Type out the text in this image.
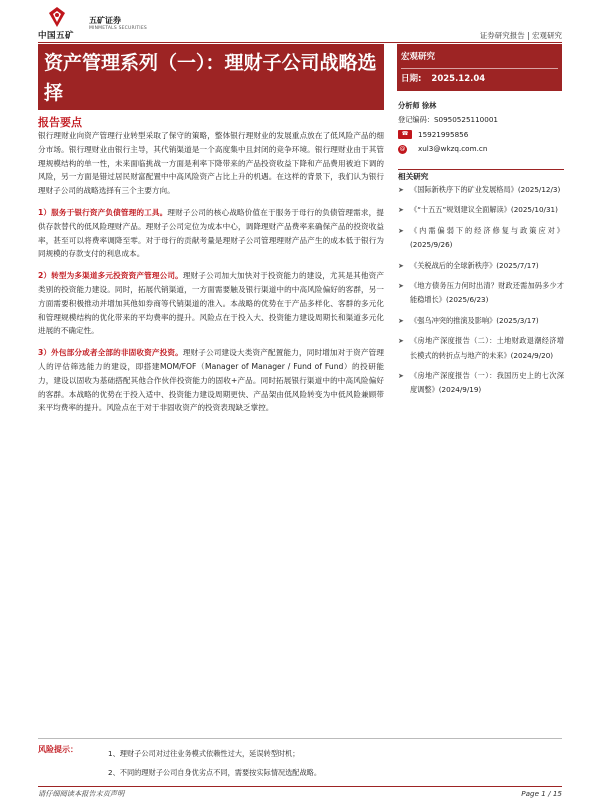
中国五矿
五矿证券
MINMETALS SECURITIES
证券研究报告 | 宏观研究
资产管理系列（一）：理财子公司战略选择
宏观研究
日期: 2025.12.04
报告要点

银行理财业向资产管理行业转型采取了保守的策略，整体银行理财业的发展重点放在了低风险产品的细分市场。银行理财业由银行主导，其代销渠道是一个高度集中且封闭的竞争环境。银行理财业由于其管理规模结构的单一性，未来面临挑战一方面是利率下降带来的产品投资收益下降和产品费用被迫下调的风险，另一方面是错过居民财富配置中中高风险资产占比上升的机遇。在这样的背景下，我们认为银行理财子公司的战略选择有三个主要方向。

1）服务于银行资产负债管理的工具。理财子公司的核心战略价值在于服务于母行的负债管理需求，提供存款替代的低风险理财产品。理财子公司定位为成本中心，调降理财产品费率来确保产品的投资收益率，甚至可以将费率调降至零。对于母行的贡献考量是理财子公司管理理财产品产生的成本低于银行为同规模的存款支付的利息成本。

2）转型为多渠道多元投资资产管理公司。理财子公司加大加快对于投资能力的建设，尤其是其他资产类别的投资能力建设。同时，拓展代销渠道，一方面需要触及银行渠道中的中高风险偏好的客群，另一方面需要积极推动并增加其他如券商等代销渠道的准入。本战略的优势在于产品多样化、客群的多元化和管理规模结构的优化带来的平均费率的提升。风险点在于投入大、投资能力建设周期长和渠道多元化进展的不确定性。

3）外包部分或者全部的非固收资产投资。理财子公司建设大类资产配置能力，同时增加对于资产管理人的评估筛选能力的建设，即搭建MOM/FOF（Manager of Manager / Fund of Fund）的投研能力，建设以固收为基础搭配其他合作伙伴投资能力的固收+产品。同时拓展银行渠道中的中高风险偏好的客群。本战略的优势在于投入适中、投资能力建设周期更快、产品架由低风险转变为中低风险兼顾带来平均费率的提升。风险点在于对于非固收资产的投资表现缺乏掌控。

分析师 徐林
登记编码：S0950525110001
☎	15921995856
@ xul3@wkzq.com.cn
相关研究
➤ 《国际新秩序下的矿业发展格局》(2025/12/3)
➤ 《“十五五”规划建议全面解读》(2025/10/31)
➤ 《内需偏弱下的经济修复与政策应对》(2025/9/26)
➤ 《关税战后的全球新秩序》(2025/7/17)
➤ 《地方债务压力何时出清？财政还需加码多少才能稳增长》(2025/6/23)
➤ 《强乌冲突的推演及影响》(2025/3/17)
➤ 《房地产深度报告（二）：土地财政退潮经济增长模式的转折点与地产的未来》(2024/9/20)
➤ 《房地产深度报告（一）：我国历史上的七次深度调整》(2024/9/19)
风险提示：	1、理财子公司对过往业务模式依赖性过大，延误转型时机；
2、不同的理财子公司自身优劣点不同，需要按实际情况选配战略。
请仔细阅读本报告末页声明	Page 1 / 15
